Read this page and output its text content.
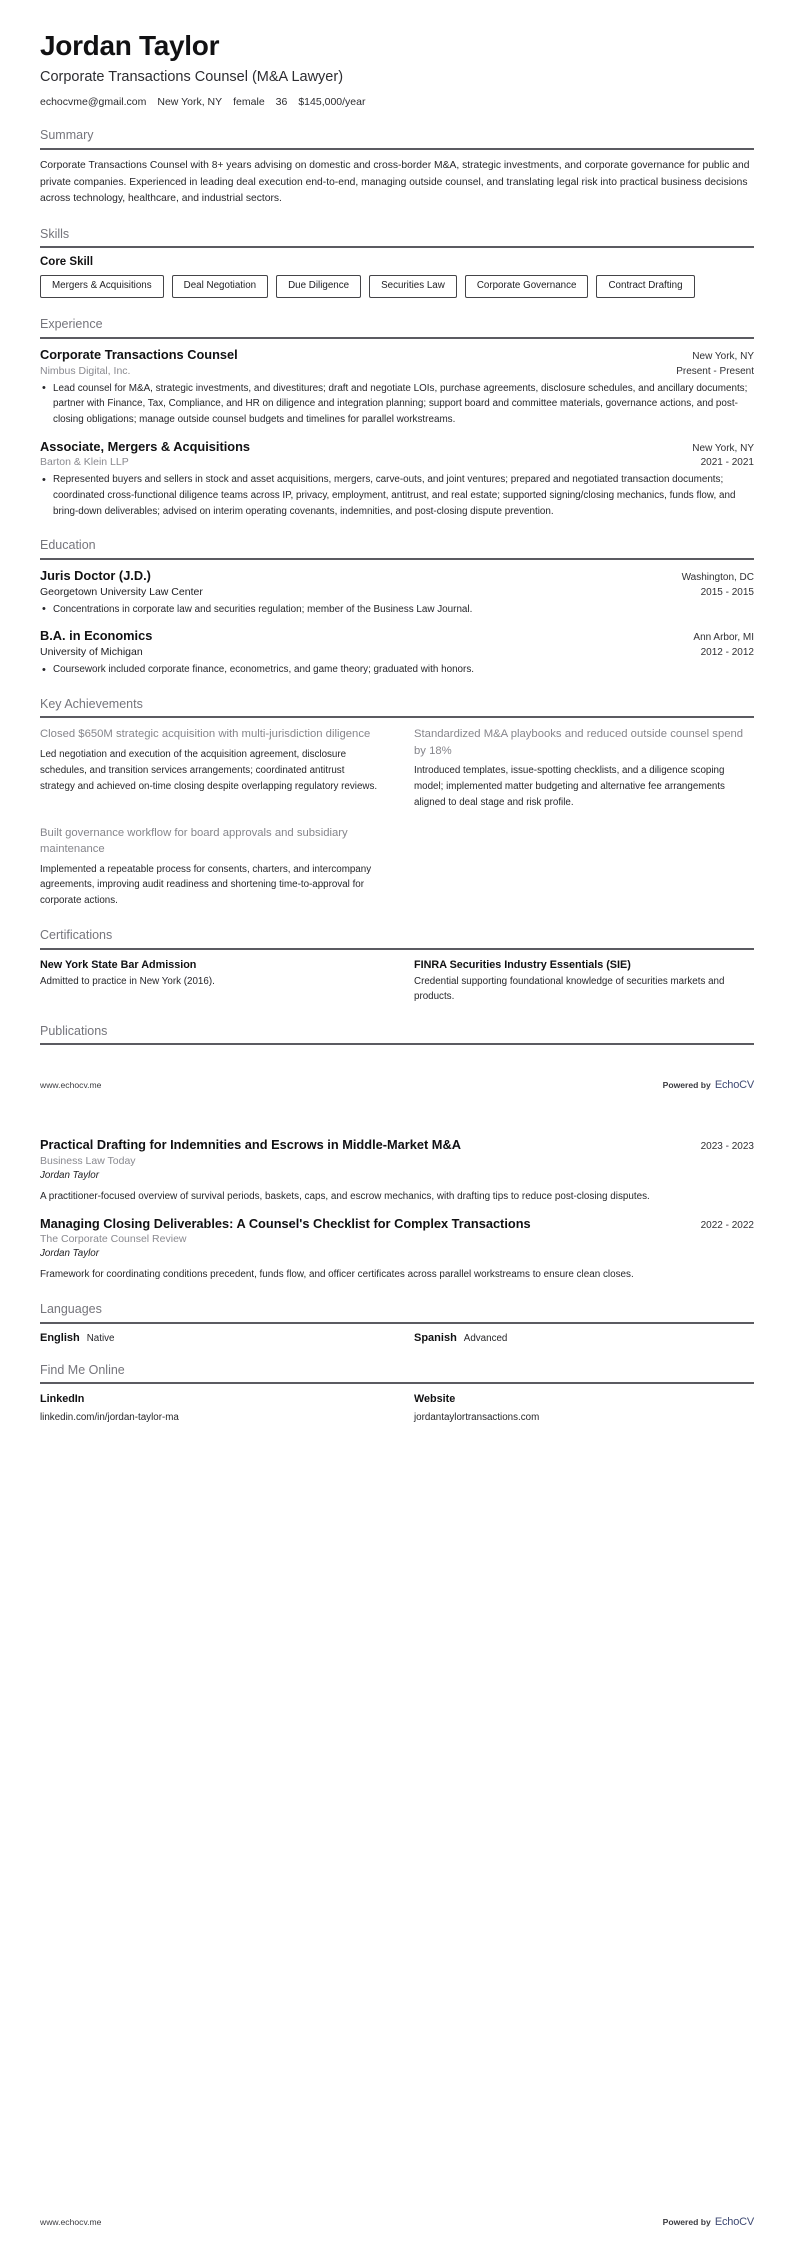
Jordan Taylor
Corporate Transactions Counsel (M&A Lawyer)
echocvme@gmail.com New York, NY female 36 $145,000/year
Summary

Corporate Transactions Counsel with 8+ years advising on domestic and cross-border M&A, strategic investments, and corporate governance for public and private companies. Experienced in leading deal execution end-to-end, managing outside counsel, and translating legal risk into practical business decisions across technology, healthcare, and industrial sectors.

Skills
Core Skill
Mergers & Acquisitions	Deal Negotiation	Due Diligence	Securities Law	Corporate Governance	Contract Drafting
Experience
Corporate Transactions Counsel	New York, NY
Nimbus Digital, Inc.	Present - Present
• Lead counsel for M&A, strategic investments, and divestitures; draft and negotiate LOIs, purchase agreements, disclosure schedules, and ancillary documents; partner with Finance, Tax, Compliance, and HR on diligence and integration planning; support board and committee materials, governance actions, and post-closing obligations; manage outside counsel budgets and timelines for parallel workstreams.
Associate, Mergers & Acquisitions	New York, NY
Barton & Klein LLP	2021 - 2021
• Represented buyers and sellers in stock and asset acquisitions, mergers, carve-outs, and joint ventures; prepared and negotiated transaction documents; coordinated cross-functional diligence teams across IP, privacy, employment, antitrust, and real estate; supported signing/closing mechanics, funds flow, and bring-down deliverables; advised on interim operating covenants, indemnities, and post-closing dispute prevention.
Education
Juris Doctor (J.D.)	Washington, DC
Georgetown University Law Center	2015 - 2015
• Concentrations in corporate law and securities regulation; member of the Business Law Journal.
B.A. in Economics	Ann Arbor, MI
University of Michigan	2012 - 2012
• Coursework included corporate finance, econometrics, and game theory; graduated with honors.
Key Achievements
Closed $650M strategic acquisition with multi-jurisdiction diligence
Led negotiation and execution of the acquisition agreement, disclosure schedules, and transition services arrangements; coordinated antitrust strategy and achieved on-time closing despite overlapping regulatory reviews.
Standardized M&A playbooks and reduced outside counsel spend by 18%
Introduced templates, issue-spotting checklists, and a diligence scoping model; implemented matter budgeting and alternative fee arrangements aligned to deal stage and risk profile.
Built governance workflow for board approvals and subsidiary maintenance
Implemented a repeatable process for consents, charters, and intercompany agreements, improving audit readiness and shortening time-to-approval for corporate actions.
Certifications
New York State Bar Admission
Admitted to practice in New York (2016).
FINRA Securities Industry Essentials (SIE)
Credential supporting foundational knowledge of securities markets and products.
Publications
www.echocv.me	Powered by EchoCV
Practical Drafting for Indemnities and Escrows in Middle-Market M&A	2023 - 2023
Business Law Today
Jordan Taylor
A practitioner-focused overview of survival periods, baskets, caps, and escrow mechanics, with drafting tips to reduce post-closing disputes.
Managing Closing Deliverables: A Counsel's Checklist for Complex Transactions	2022 - 2022
The Corporate Counsel Review
Jordan Taylor
Framework for coordinating conditions precedent, funds flow, and officer certificates across parallel workstreams to ensure clean closes.
Languages
English Native	Spanish Advanced
Find Me Online
LinkedIn
linkedin.com/in/jordan-taylor-ma
Website
jordantaylortransactions.com
www.echocv.me	Powered by EchoCV
